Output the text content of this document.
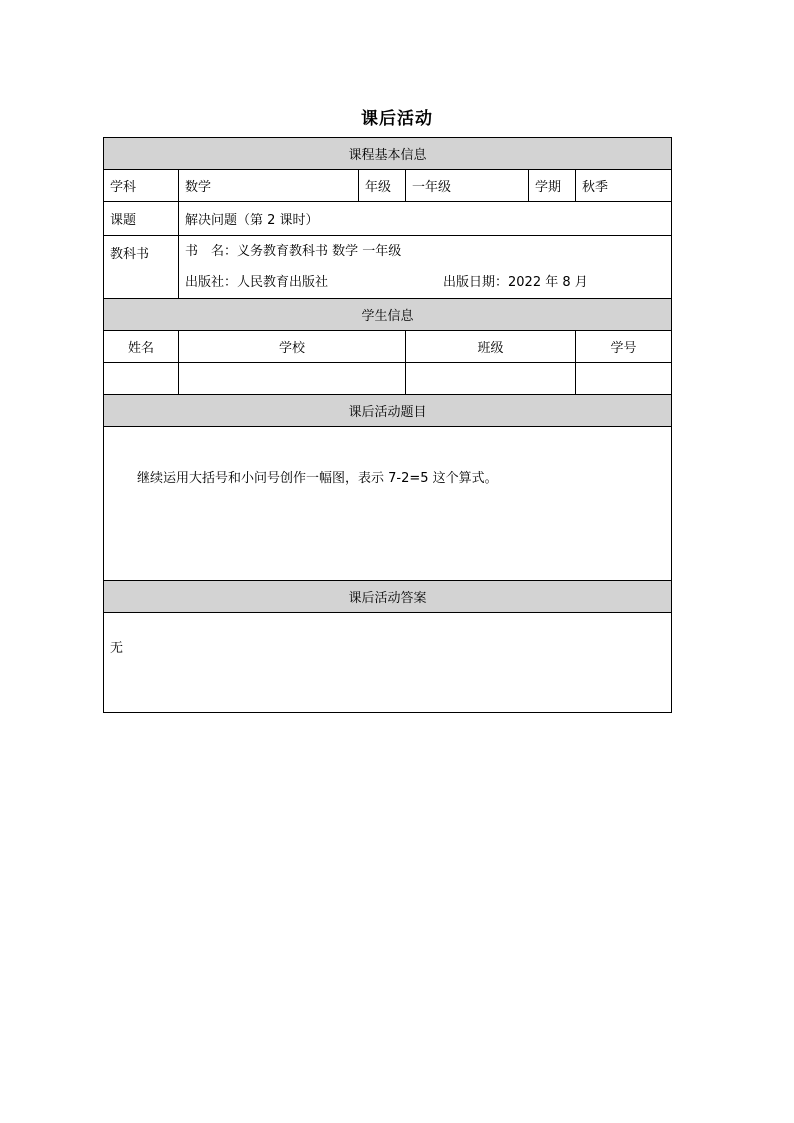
课后活动
课程基本信息					
学科	数学	年级	一年级	学期	秋季
课题	解决问题（第 2 课时）				
教科书	书　名：义务教育教科书 数学 一年级
出版社：人民教育出版社 出版日期：2022 年 8 月				

学生信息					
姓名	学校		班级		学号

课后活动题目					

继续运用大括号和小问号创作一幅图，表示 7-2=5 这个算式。					

课后活动答案					

无					
